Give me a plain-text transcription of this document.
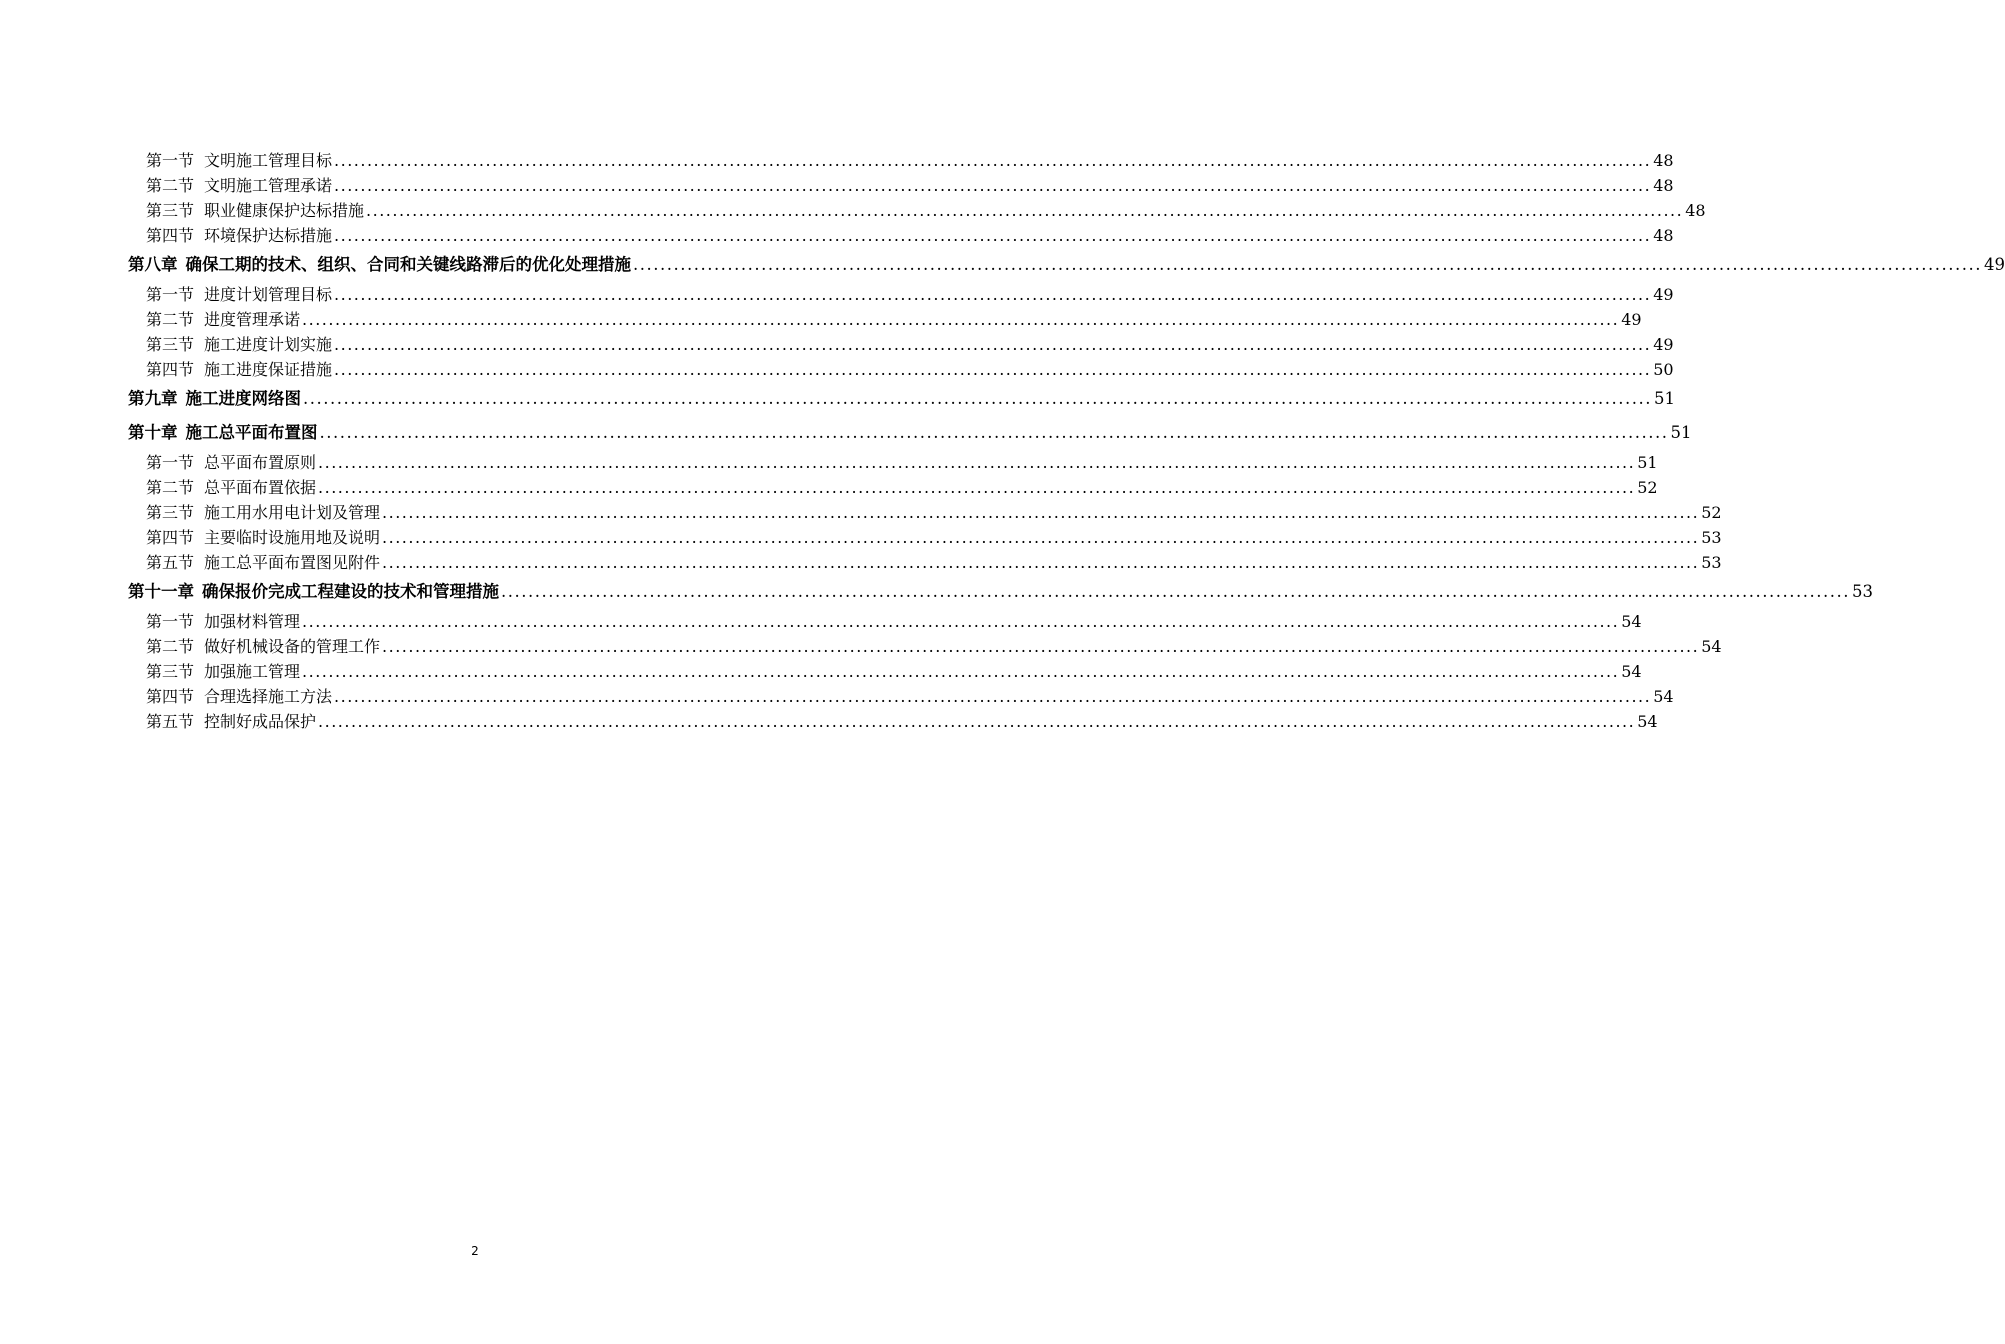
第一节 文明施工管理目标 ........................................................................................................................................................................................................ 48
第二节 文明施工管理承诺 ........................................................................................................................................................................................................ 48
第三节 职业健康保护达标措施 ........................................................................................................................................................................................................ 48
第四节 环境保护达标措施 ........................................................................................................................................................................................................ 48
第八章 确保工期的技术、组织、合同和关键线路滞后的优化处理措施 ........................................................................................................................................................................................................ 49
第一节 进度计划管理目标 ........................................................................................................................................................................................................ 49
第二节 进度管理承诺 ........................................................................................................................................................................................................ 49
第三节 施工进度计划实施 ........................................................................................................................................................................................................ 49
第四节 施工进度保证措施 ........................................................................................................................................................................................................ 50
第九章 施工进度网络图 ........................................................................................................................................................................................................ 51
第十章 施工总平面布置图 ........................................................................................................................................................................................................ 51
第一节 总平面布置原则 ........................................................................................................................................................................................................ 51
第二节 总平面布置依据 ........................................................................................................................................................................................................ 52
第三节 施工用水用电计划及管理 ........................................................................................................................................................................................................ 52
第四节 主要临时设施用地及说明 ........................................................................................................................................................................................................ 53
第五节 施工总平面布置图见附件 ........................................................................................................................................................................................................ 53
第十一章 确保报价完成工程建设的技术和管理措施 ........................................................................................................................................................................................................ 53
第一节 加强材料管理 ........................................................................................................................................................................................................ 54
第二节 做好机械设备的管理工作 ........................................................................................................................................................................................................ 54
第三节 加强施工管理 ........................................................................................................................................................................................................ 54
第四节 合理选择施工方法 ........................................................................................................................................................................................................ 54
第五节 控制好成品保护 ........................................................................................................................................................................................................ 54
2
